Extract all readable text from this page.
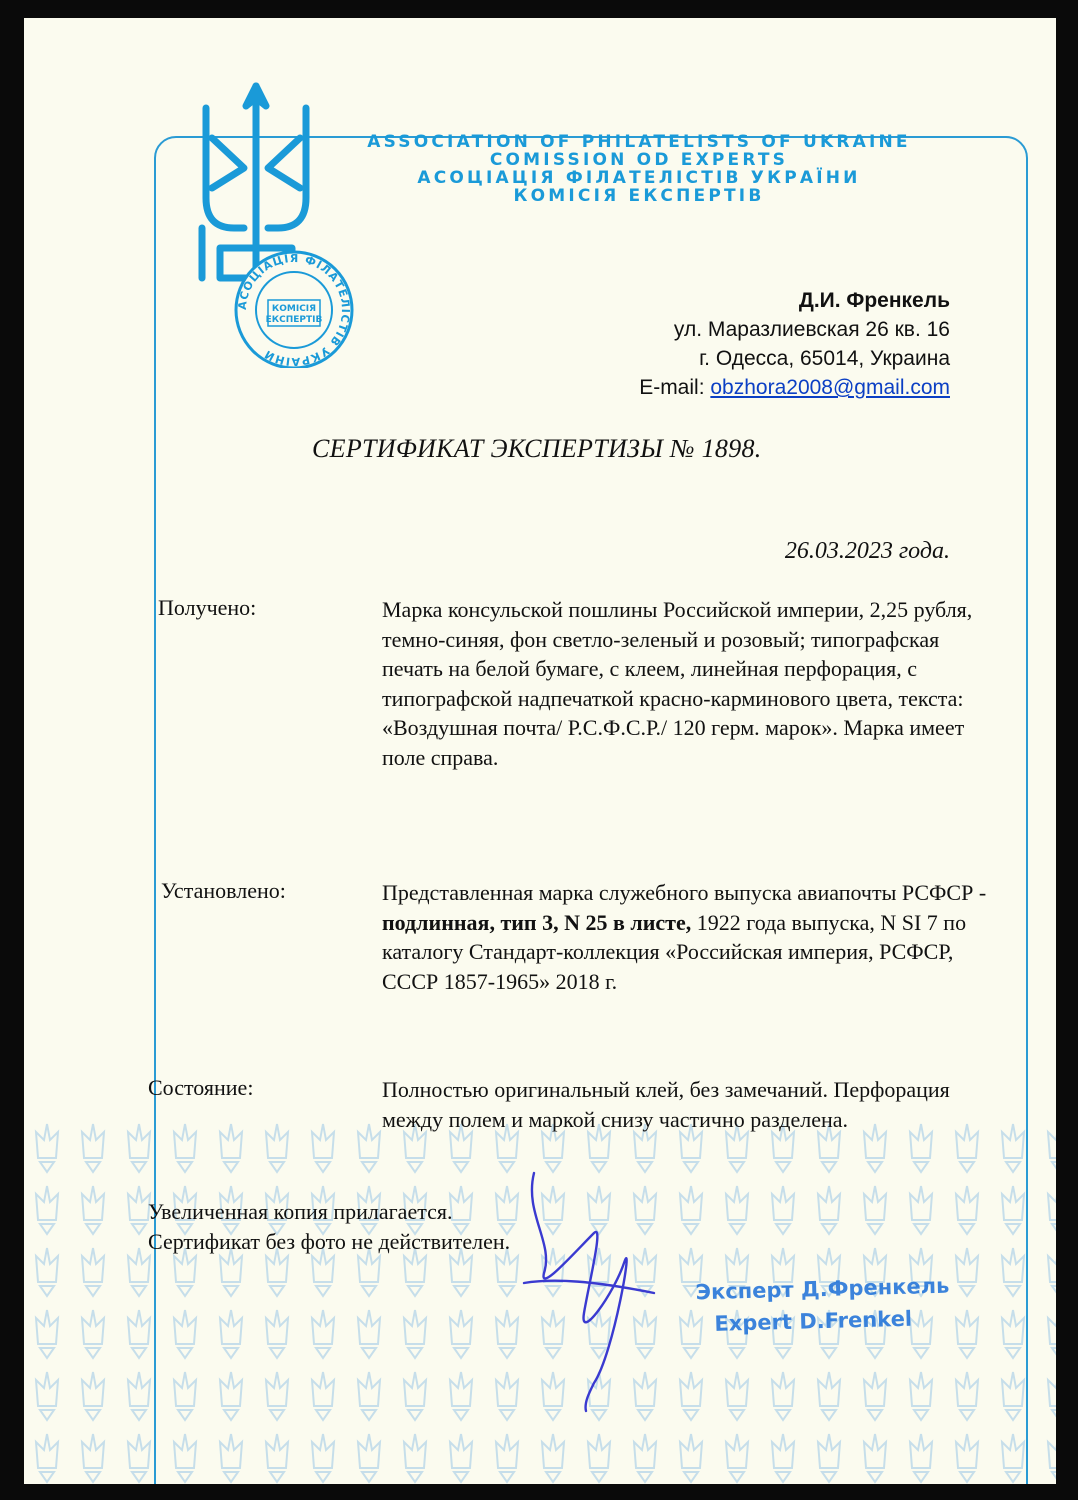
АСОЦІАЦІЯ ФІЛАТЕЛІСТІВ УКРАЇНИ
КОМІСІЯ
ЕКСПЕРТІВ
ASSOCIATION OF PHILATELISTS OF UKRAINE
COMISSION OD EXPERTS
АСОЦІАЦІЯ ФІЛАТЕЛІСТІВ УКРАЇНИ
КОМІСІЯ ЕКСПЕРТІВ
Д.И. Френкель
ул. Маразлиевская 26 кв. 16
г. Одесса, 65014, Украина
E-mail: obzhora2008@gmail.com
СЕРТИФИКАТ ЭКСПЕРТИЗЫ № 1898.
26.03.2023 года.
Получено:	Марка консульской пошлины Российской империи, 2,25 рубля, темно-синяя, фон светло-зеленый и розовый; типографская печать на белой бумаге, с клеем, линейная перфорация, с типографской надпечаткой красно-карминового цвета, текста: «Воздушная почта/ Р.С.Ф.С.Р./ 120 герм. марок». Марка имеет поле справа.
Установлено:	Представленная марка служебного выпуска авиапочты РСФСР - подлинная, тип 3, N 25 в листе, 1922 года выпуска, N SI 7 по каталогу Стандарт-коллекция «Российская империя, РСФСР, СССР 1857-1965» 2018 г.
Состояние:	Полностью оригинальный клей, без замечаний. Перфорация между полем и маркой снизу частично разделена.
Увеличенная копия прилагается.
Сертификат без фото не действителен.
Эксперт Д.Френкель
Expert D.Frenkel
